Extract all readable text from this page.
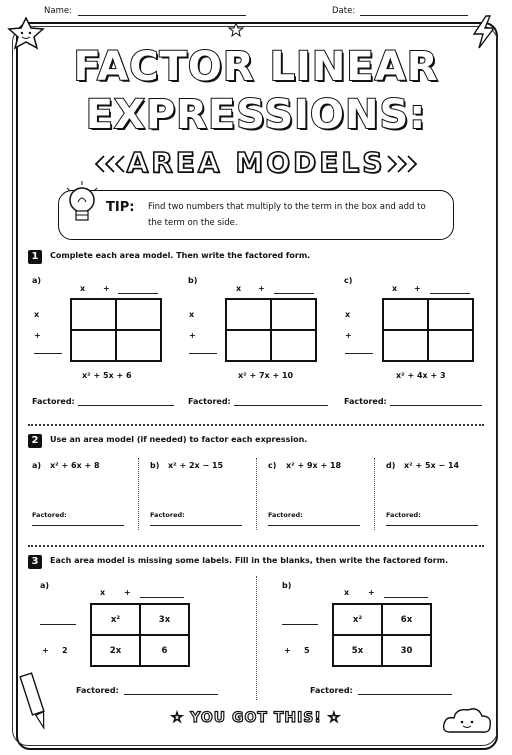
Name:	Date:
FACTOR LINEAR
EXPRESSIONS:
AREA MODELS
TIP: Find two numbers that multiply to the term in the box and add to the term on the side.
1	Complete each area model. Then write the factored form.
a)
x +
x
+
x² + 5x + 6
Factored:
b)
x +
x
+
x² + 7x + 10
Factored:
c)
x +
x
+
x² + 4x + 3
Factored:
2	Use an area model (if needed) to factor each expression.
a) x² + 6x + 8
Factored:
b) x² + 2x − 15
Factored:
c) x² + 9x + 18
Factored:
d) x² + 5x − 14
Factored:
3	Each area model is missing some labels. Fill in the blanks, then write the factored form.
a)
x +
+ 2
x²	3x
2x	6
Factored:
b)
x +
+ 5
x²	6x
5x	30
Factored:
☆ YOU GOT THIS! ☆
